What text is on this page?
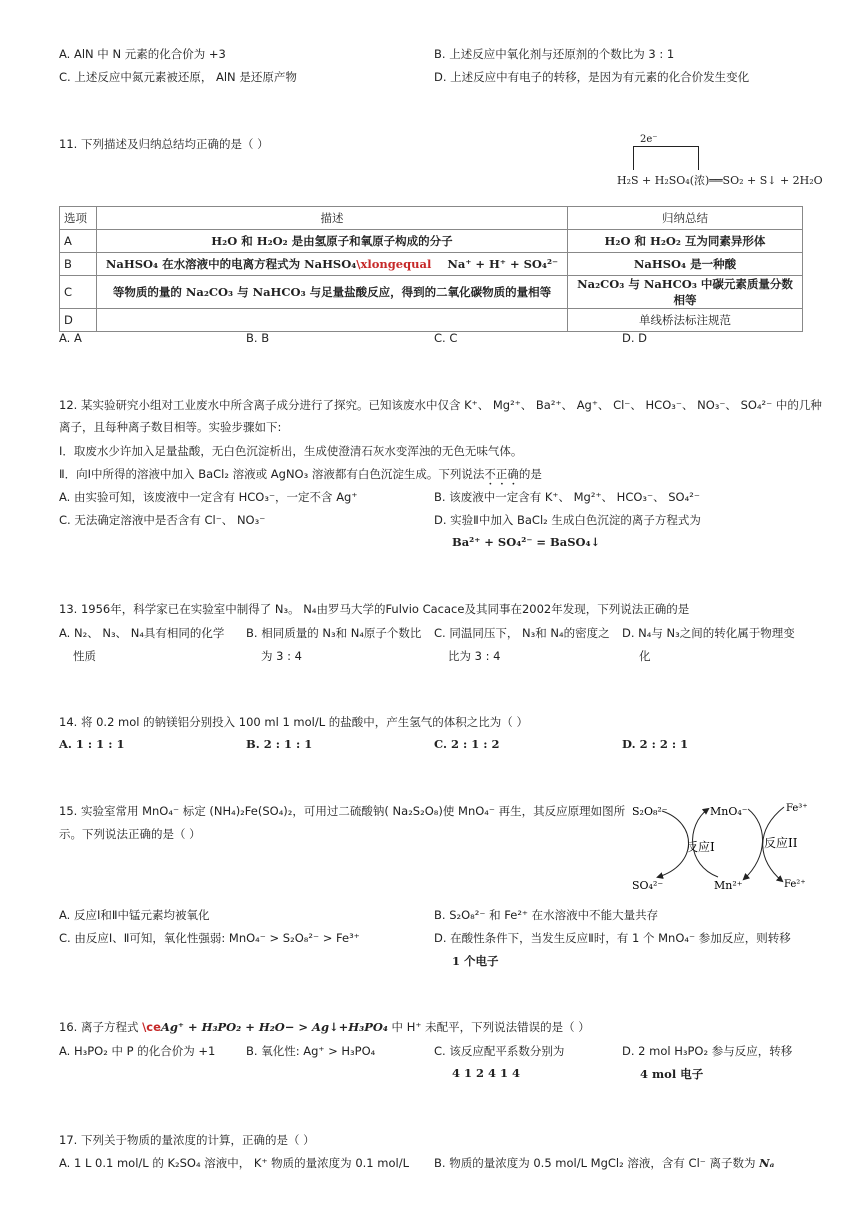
A. AlN 中 N 元素的化合价为 +3	B. 上述反应中氧化剂与还原剂的个数比为 3 : 1
C. 上述反应中氮元素被还原， AlN 是还原产物	D. 上述反应中有电子的转移，是因为有元素的化合价发生变化
11. 下列描述及归纳总结均正确的是（ ）	2e⁻
H₂S + H₂SO₄(浓)══SO₂ + S↓ + 2H₂O
选项	描述	归纳总结
A	H₂O 和 H₂O₂ 是由氢原子和氧原子构成的分子	H₂O 和 H₂O₂ 互为同素异形体
B	NaHSO₄ 在水溶液中的电离方程式为 NaHSO₄\xlongequal Na⁺ + H⁺ + SO₄²⁻	NaHSO₄ 是一种酸
C	等物质的量的 Na₂CO₃ 与 NaHCO₃ 与足量盐酸反应，得到的二氧化碳物质的量相等	Na₂CO₃ 与 NaHCO₃ 中碳元素质量分数相等
D		单线桥法标注规范
A. A	B. B	C. C	D. D
12. 某实验研究小组对工业废水中所含离子成分进行了探究。已知该废水中仅含 K⁺、 Mg²⁺、 Ba²⁺、 Ag⁺、 Cl⁻、 HCO₃⁻、 NO₃⁻、 SO₄²⁻ 中的几种
离子，且每种离子数目相等。实验步骤如下:
Ⅰ．取废水少许加入足量盐酸，无白色沉淀析出，生成使澄清石灰水变浑浊的无色无味气体。
Ⅱ．向Ⅰ中所得的溶液中加入 BaCl₂ 溶液或 AgNO₃ 溶液都有白色沉淀生成。下列说法不正确的是
A. 由实验可知，该废液中一定含有 HCO₃⁻，一定不含 Ag⁺	B. 该废液中一定含有 K⁺、 Mg²⁺、 HCO₃⁻、 SO₄²⁻
C. 无法确定溶液中是否含有 Cl⁻、 NO₃⁻	D. 实验Ⅱ中加入 BaCl₂ 生成白色沉淀的离子方程式为
Ba²⁺ + SO₄²⁻ = BaSO₄↓
13. 1956年，科学家已在实验室中制得了 N₃。 N₄由罗马大学的Fulvio Cacace及其同事在2002年发现，下列说法正确的是
A. N₂、 N₃、 N₄具有相同的化学
性质
B. 相同质量的 N₃和 N₄原子个数比
为 3 : 4
C. 同温同压下， N₃和 N₄的密度之
比为 3 : 4
D. N₄与 N₃之间的转化属于物理变
化
14. 将 0.2 mol 的钠镁铝分别投入 100 ml 1 mol/L 的盐酸中，产生氢气的体积之比为（ ）
A. 1 : 1 : 1	B. 2 : 1 : 1	C. 2 : 1 : 2	D. 2 : 2 : 1
15. 实验室常用 MnO₄⁻ 标定 (NH₄)₂Fe(SO₄)₂，可用过二硫酸钠( Na₂S₂O₈)使 MnO₄⁻ 再生，其反应原理如图所
示。下列说法正确的是（ ）
S₂O₈²⁻
SO₄²⁻
MnO₄⁻
Mn²⁺
Fe³⁺
Fe²⁺
反应I	反应II
A. 反应Ⅰ和Ⅱ中锰元素均被氧化	B. S₂O₈²⁻ 和 Fe²⁺ 在水溶液中不能大量共存
C. 由反应Ⅰ、Ⅱ可知，氧化性强弱: MnO₄⁻ > S₂O₈²⁻ > Fe³⁺	D. 在酸性条件下，当发生反应Ⅱ时，有 1 个 MnO₄⁻ 参加反应，则转移
1 个电子
16. 离子方程式 \ceAg⁺ + H₃PO₂ + H₂O− > Ag↓+H₃PO₄ 中 H⁺ 未配平，下列说法错误的是（ ）
A. H₃PO₂ 中 P 的化合价为 +1	B. 氧化性: Ag⁺ > H₃PO₄	C. 该反应配平系数分别为
4 1 2 4 1 4
D. 2 mol H₃PO₂ 参与反应，转移
4 mol 电子
17. 下列关于物质的量浓度的计算，正确的是（ ）
A. 1 L 0.1 mol/L 的 K₂SO₄ 溶液中， K⁺ 物质的量浓度为 0.1 mol/L B. 物质的量浓度为 0.5 mol/L MgCl₂ 溶液，含有 Cl⁻ 离子数为 Nₐ
